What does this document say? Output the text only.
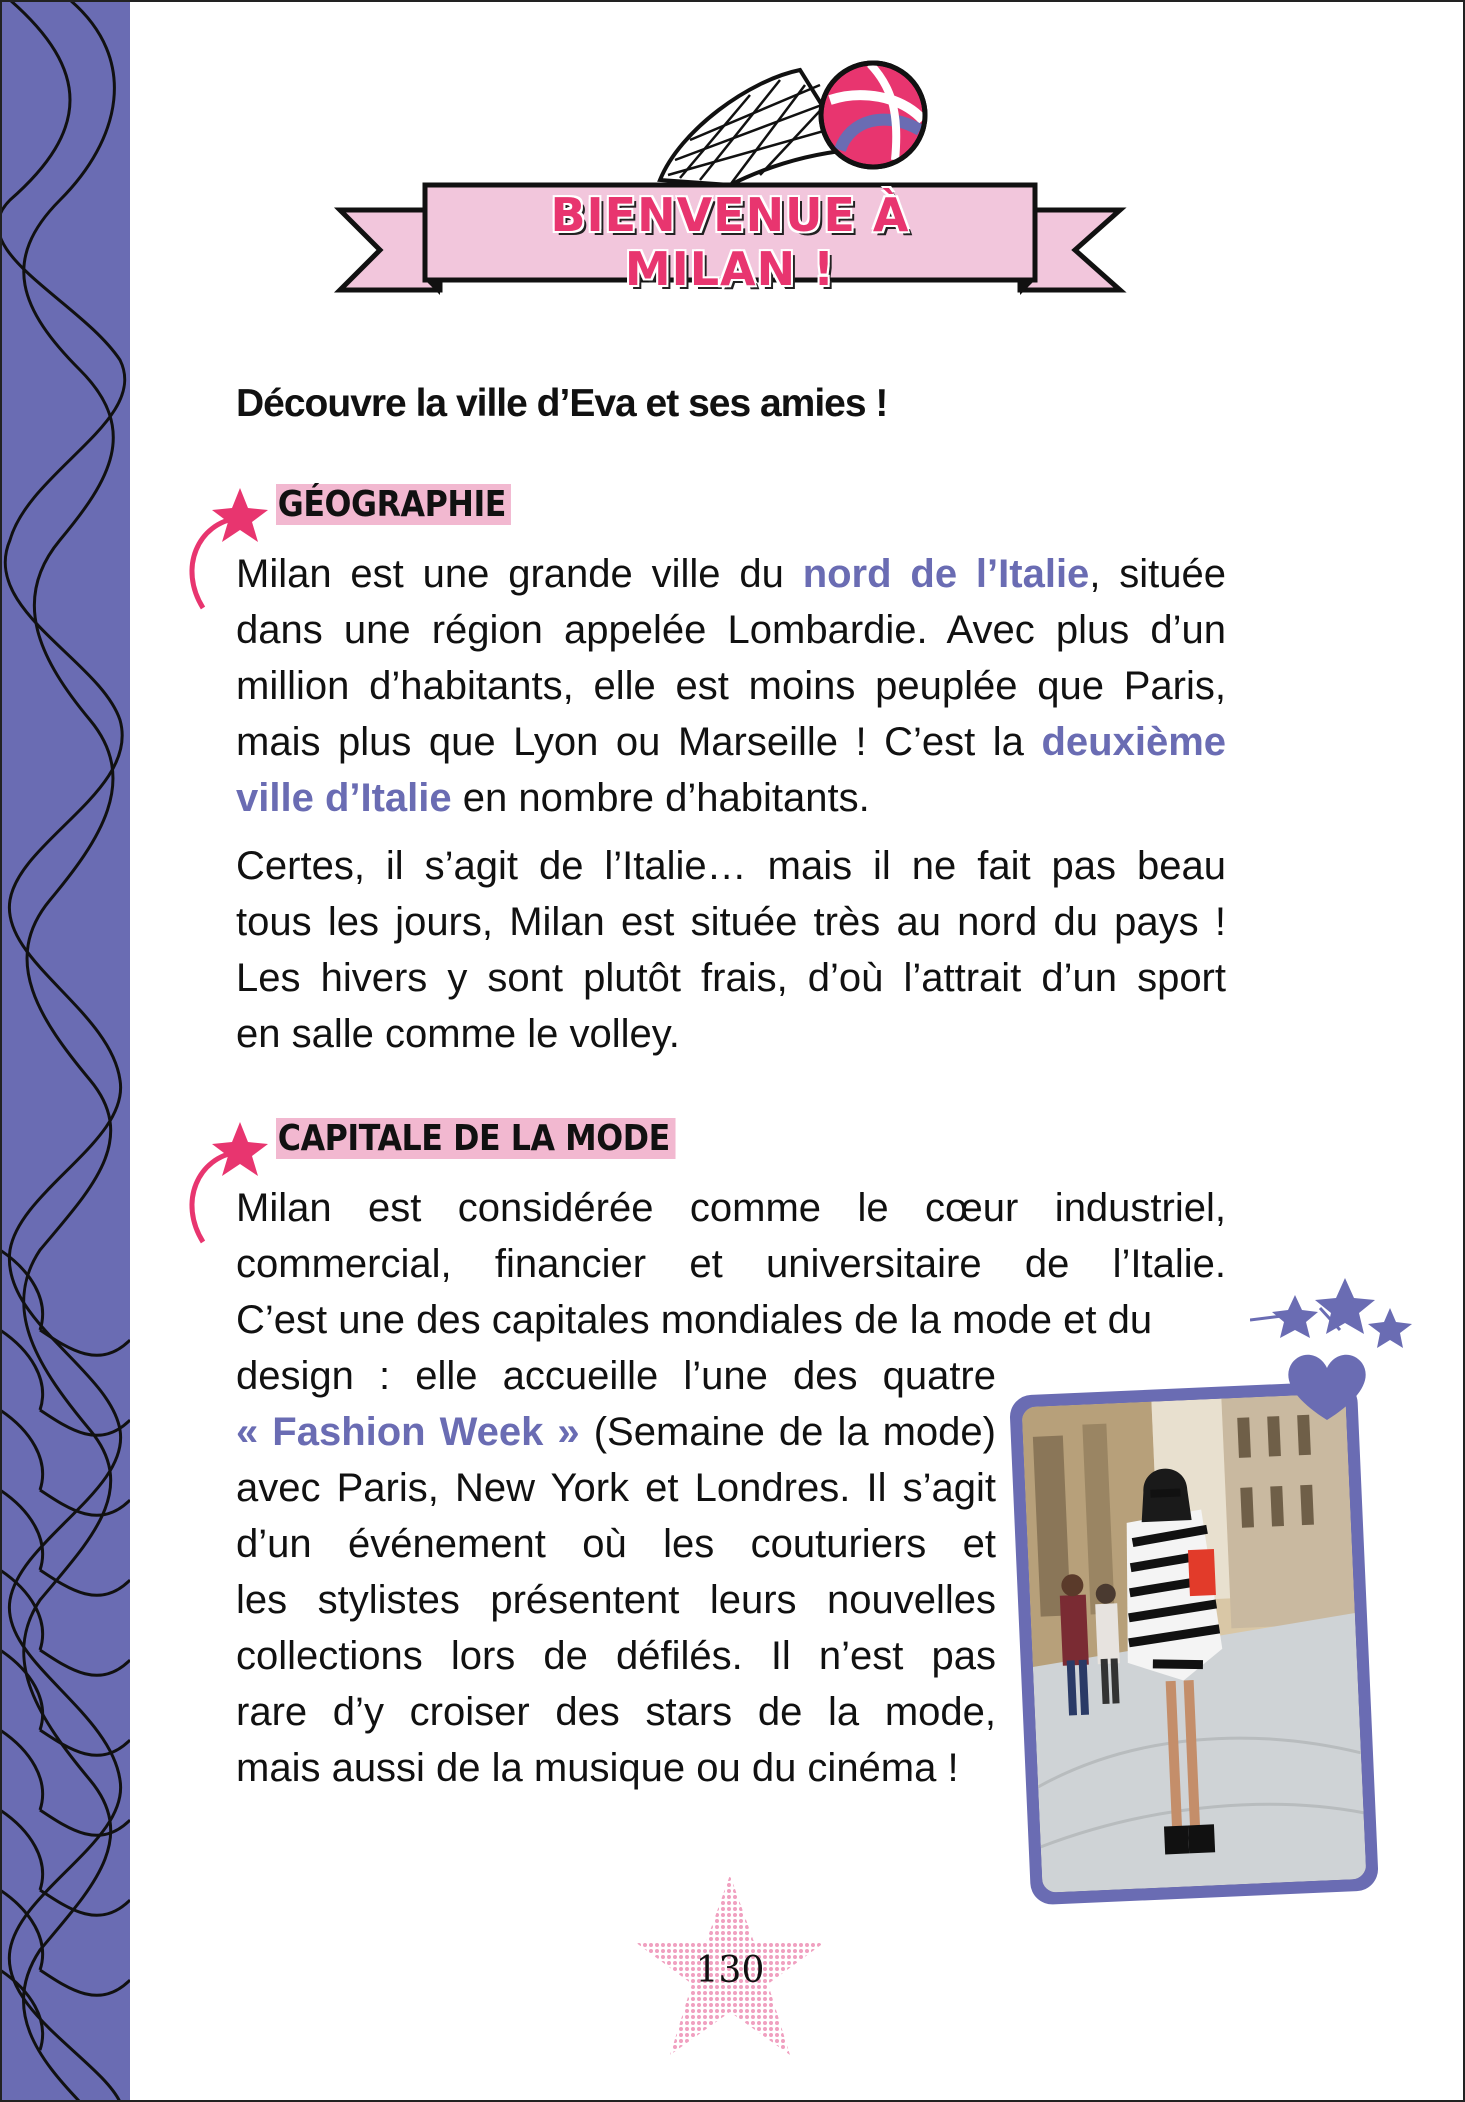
BIENVENUE À MILAN !
Découvre la ville d’Eva et ses amies !
GÉOGRAPHIE

Milan est une grande ville du nord de l’Italie, située
dans une région appelée Lombardie. Avec plus d’un
million d’habitants, elle est moins peuplée que Paris,
mais plus que Lyon ou Marseille ! C’est la deuxième
ville d’Italie en nombre d’habitants.

Certes, il s’agit de l’Italie… mais il ne fait pas beau
tous les jours, Milan est située très au nord du pays !
Les hivers y sont plutôt frais, d’où l’attrait d’un sport
en salle comme le volley.

CAPITALE DE LA MODE

Milan est considérée comme le cœur industriel,
commercial, financier et universitaire de l’Italie.
C’est une des capitales mondiales de la mode et du

design : elle accueille l’une des quatre
« Fashion Week » (Semaine de la mode)
avec Paris, New York et Londres. Il s’agit
d’un événement où les couturiers et
les stylistes présentent leurs nouvelles
collections lors de défilés. Il n’est pas
rare d’y croiser des stars de la mode,
mais aussi de la musique ou du cinéma !

130
